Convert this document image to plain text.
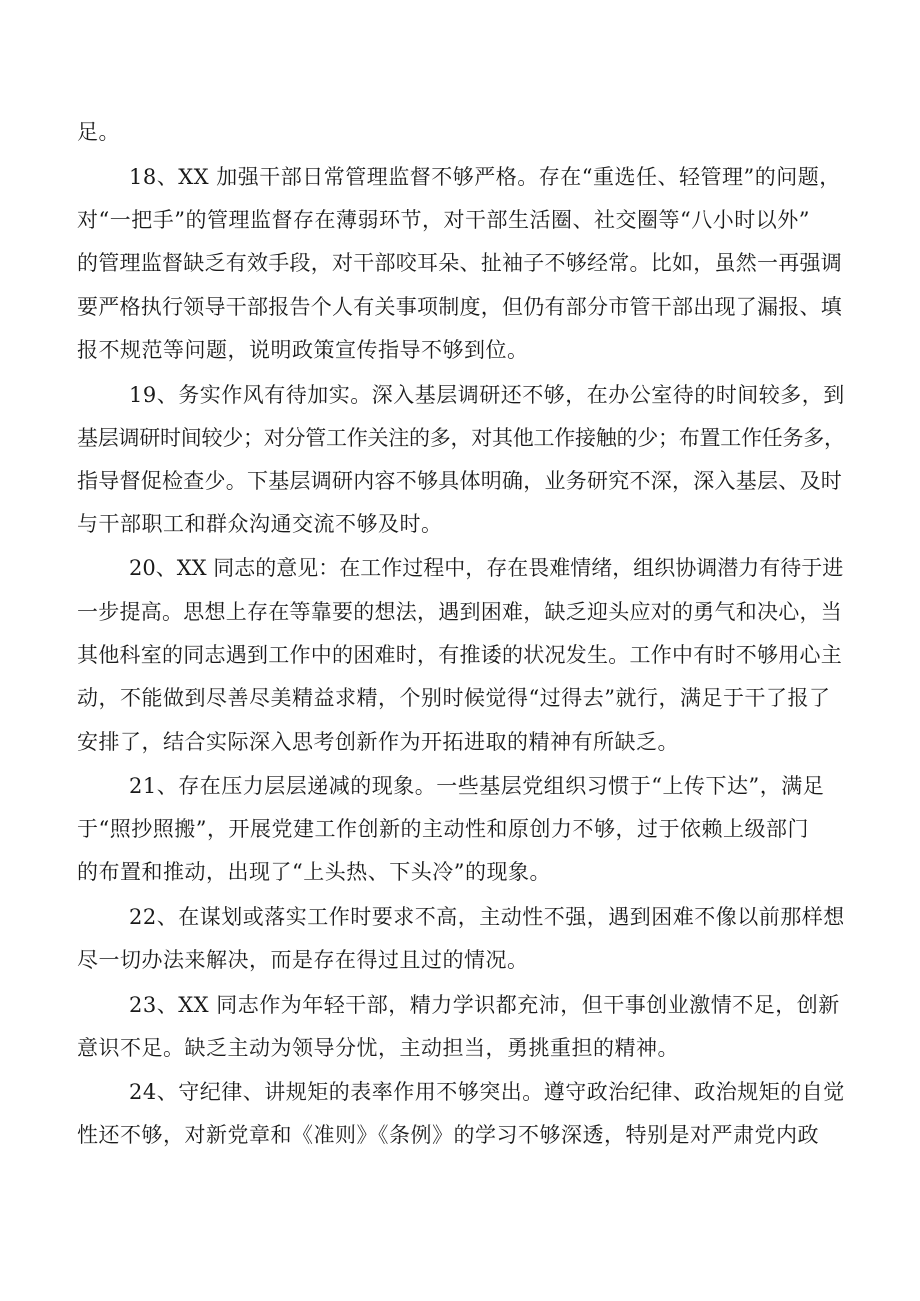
足。
18、XX 加强干部日常管理监督不够严格。存在“重选任、轻管理”的问题，
对“一把手”的管理监督存在薄弱环节，对干部生活圈、社交圈等“八小时以外”
的管理监督缺乏有效手段，对干部咬耳朵、扯袖子不够经常。比如，虽然一再强调
要严格执行领导干部报告个人有关事项制度，但仍有部分市管干部出现了漏报、填
报不规范等问题，说明政策宣传指导不够到位。
19、务实作风有待加实。深入基层调研还不够，在办公室待的时间较多，到
基层调研时间较少；对分管工作关注的多，对其他工作接触的少；布置工作任务多，
指导督促检查少。下基层调研内容不够具体明确，业务研究不深，深入基层、及时
与干部职工和群众沟通交流不够及时。
20、XX 同志的意见：在工作过程中，存在畏难情绪，组织协调潜力有待于进
一步提高。思想上存在等靠要的想法，遇到困难，缺乏迎头应对的勇气和决心，当
其他科室的同志遇到工作中的困难时，有推诿的状况发生。工作中有时不够用心主
动，不能做到尽善尽美精益求精，个别时候觉得“过得去”就行，满足于干了报了
安排了，结合实际深入思考创新作为开拓进取的精神有所缺乏。
21、存在压力层层递减的现象。一些基层党组织习惯于“上传下达”，满足
于“照抄照搬”，开展党建工作创新的主动性和原创力不够，过于依赖上级部门
的布置和推动，出现了“上头热、下头冷”的现象。
22、在谋划或落实工作时要求不高，主动性不强，遇到困难不像以前那样想
尽一切办法来解决，而是存在得过且过的情况。
23、XX 同志作为年轻干部，精力学识都充沛，但干事创业激情不足，创新
意识不足。缺乏主动为领导分忧，主动担当，勇挑重担的精神。
24、守纪律、讲规矩的表率作用不够突出。遵守政治纪律、政治规矩的自觉
性还不够，对新党章和《准则》《条例》的学习不够深透，特别是对严肃党内政
